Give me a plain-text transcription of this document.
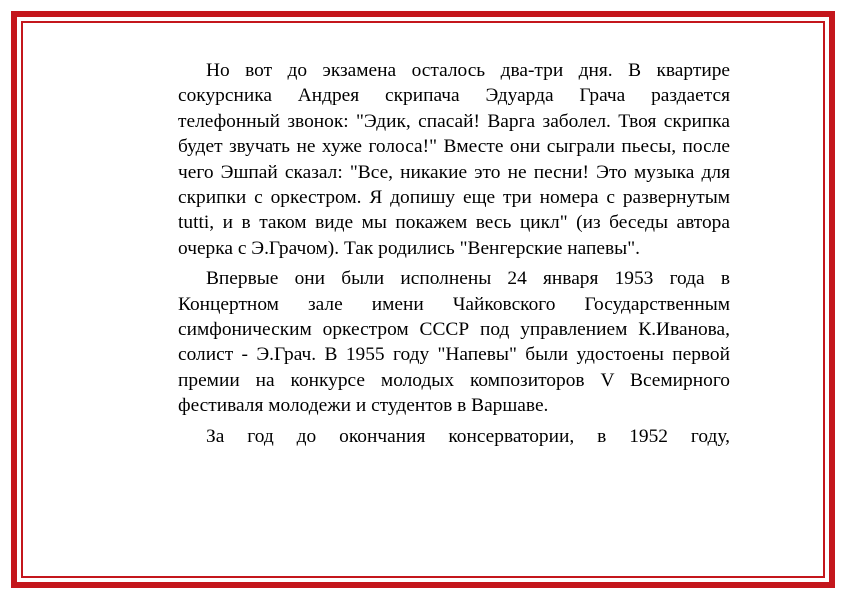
Но вот до экзамена осталось два-три дня. В квартире сокурсника Андрея скрипача Эдуарда Грача раздается телефонный звонок: "Эдик, спасай! Варга заболел. Твоя скрипка будет звучать не хуже голоса!" Вместе они сыграли пьесы, после чего Эшпай сказал: "Все, никакие это не песни! Это музыка для скрипки с оркестром. Я допишу еще три номера с развернутым tutti, и в таком виде мы покажем весь цикл" (из беседы автора очерка с Э.Грачом). Так родились "Венгерские напевы".

Впервые они были исполнены 24 января 1953 года в Концертном зале имени Чайковского Государственным симфоническим оркестром СССР под управлением К.Иванова, солист - Э.Грач. В 1955 году "Напевы" были удостоены первой премии на конкурсе молодых композиторов V Всемирного фестиваля молодежи и студентов в Варшаве.

За год до окончания консерватории, в 1952 году,
